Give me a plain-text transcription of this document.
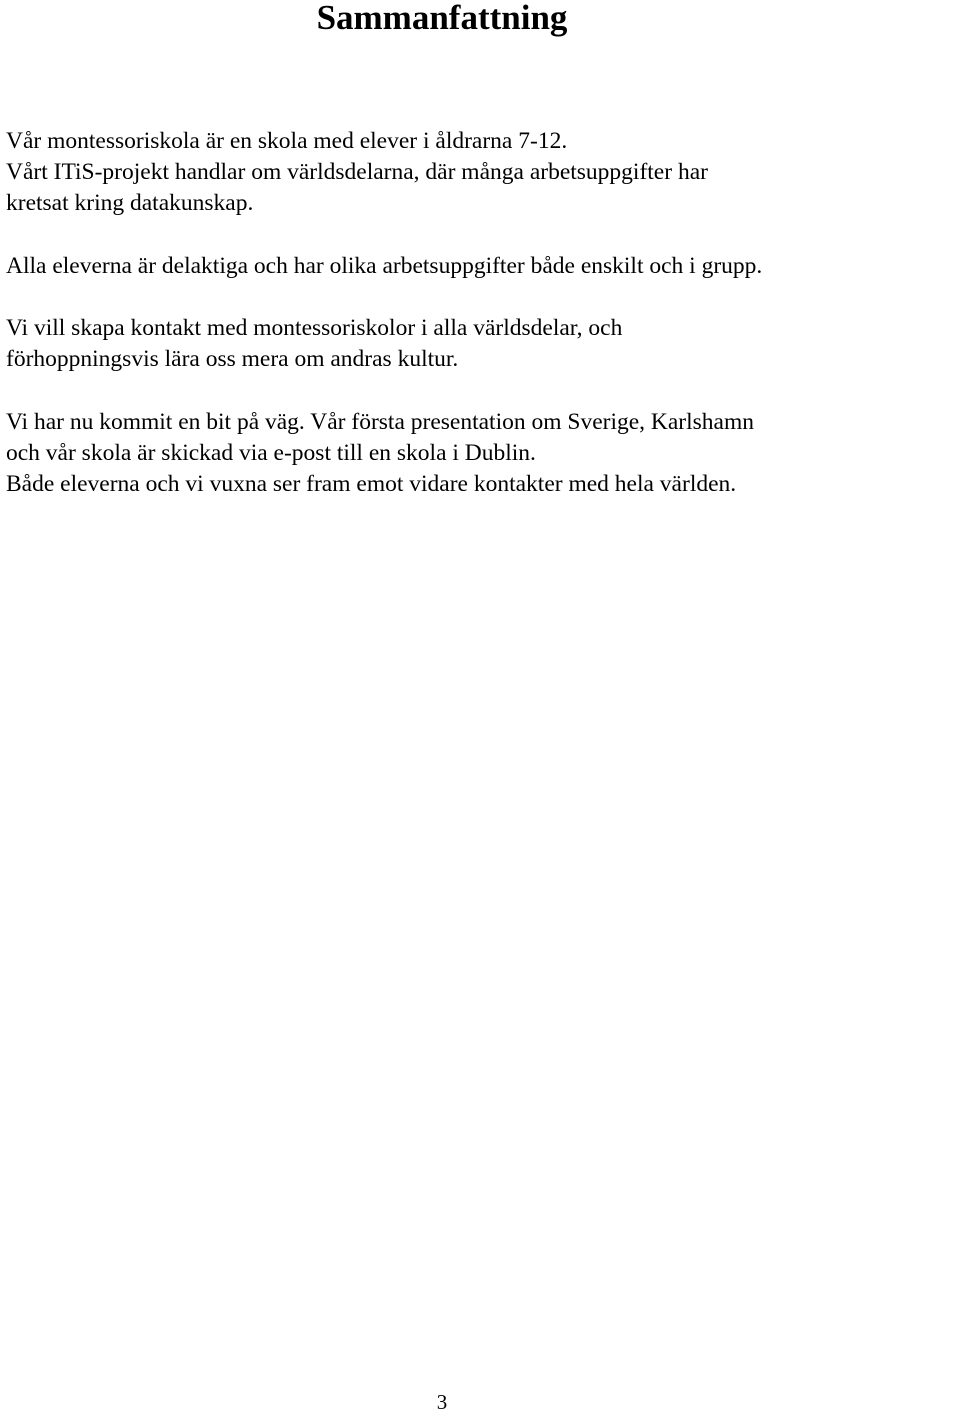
Sammanfattning

Vår montessoriskola är en skola med elever i åldrarna 7-12.
Vårt ITiS-projekt handlar om världsdelarna, där många arbetsuppgifter har
kretsat kring datakunskap.

Alla eleverna är delaktiga och har olika arbetsuppgifter både enskilt och i grupp.

Vi vill skapa kontakt med montessoriskolor i alla världsdelar, och
förhoppningsvis lära oss mera om andras kultur.

Vi har nu kommit en bit på väg. Vår första presentation om Sverige, Karlshamn
och vår skola är skickad via e-post till en skola i Dublin.
Både eleverna och vi vuxna ser fram emot vidare kontakter med hela världen.

3
